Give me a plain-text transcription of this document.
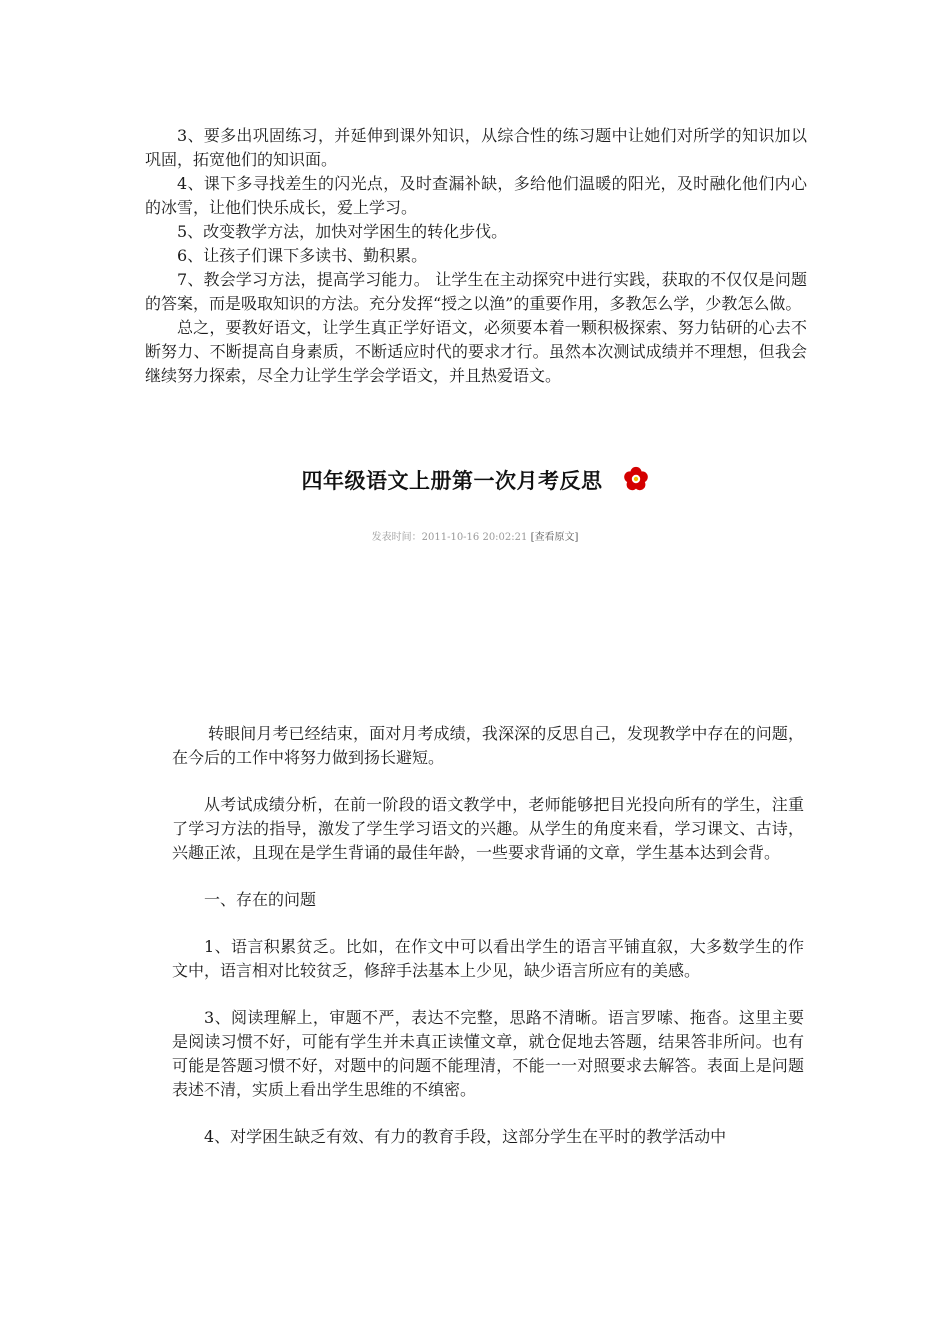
3、要多出巩固练习，并延伸到课外知识，从综合性的练习题中让她们对所学的知识加以巩固，拓宽他们的知识面。

4、课下多寻找差生的闪光点，及时查漏补缺，多给他们温暖的阳光，及时融化他们内心的冰雪，让他们快乐成长，爱上学习。

5、改变教学方法，加快对学困生的转化步伐。

6、让孩子们课下多读书、勤积累。

7、教会学习方法，提高学习能力。 让学生在主动探究中进行实践，获取的不仅仅是问题的答案，而是吸取知识的方法。充分发挥“授之以渔”的重要作用，多教怎么学，少教怎么做。

总之，要教好语文，让学生真正学好语文，必须要本着一颗积极探索、努力钻研的心去不断努力、不断提高自身素质，不断适应时代的要求才行。虽然本次测试成绩并不理想，但我会继续努力探索，尽全力让学生学会学语文，并且热爱语文。

四年级语文上册第一次月考反思
发表时间：2011-10-16 20:02:21 [查看原文]

转眼间月考已经结束，面对月考成绩，我深深的反思自己，发现教学中存在的问题，在今后的工作中将努力做到扬长避短。

从考试成绩分析，在前一阶段的语文教学中，老师能够把目光投向所有的学生，注重了学习方法的指导，激发了学生学习语文的兴趣。从学生的角度来看，学习课文、古诗，兴趣正浓，且现在是学生背诵的最佳年龄，一些要求背诵的文章，学生基本达到会背。

一、存在的问题

1、语言积累贫乏。比如，在作文中可以看出学生的语言平铺直叙，大多数学生的作文中，语言相对比较贫乏，修辞手法基本上少见，缺少语言所应有的美感。

3、阅读理解上，审题不严，表达不完整，思路不清晰。语言罗嗦、拖沓。这里主要是阅读习惯不好，可能有学生并未真正读懂文章，就仓促地去答题，结果答非所问。也有可能是答题习惯不好，对题中的问题不能理清，不能一一对照要求去解答。表面上是问题表述不清，实质上看出学生思维的不缜密。

4、对学困生缺乏有效、有力的教育手段，这部分学生在平时的教学活动中
